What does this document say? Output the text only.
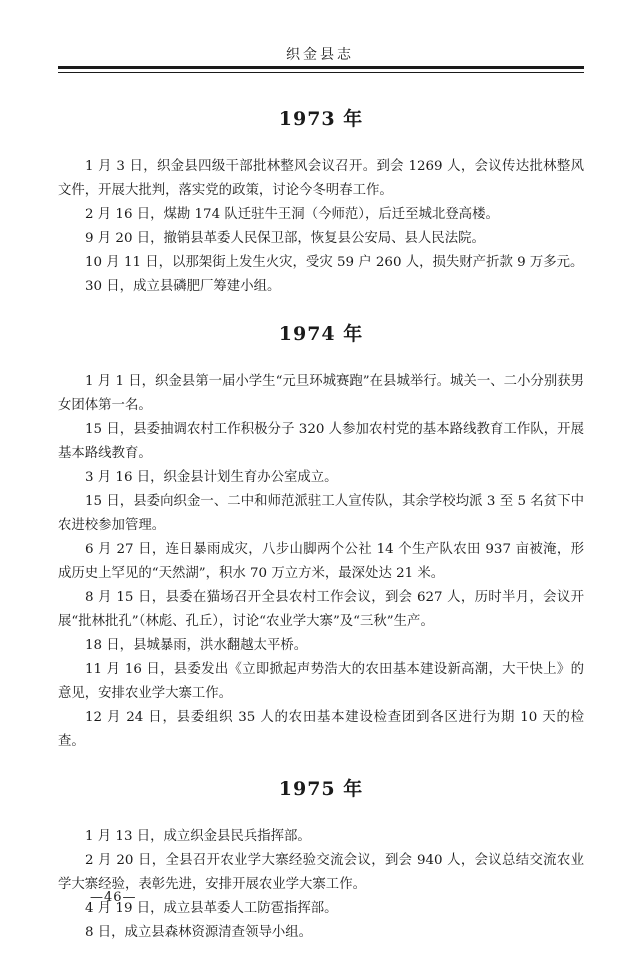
织金县志
1973 年

1 月 3 日，织金县四级干部批林整风会议召开。到会 1269 人，会议传达批林整风文件，开展大批判，落实党的政策，讨论今冬明春工作。

2 月 16 日，煤勘 174 队迁驻牛王洞（今师范），后迁至城北登高楼。

9 月 20 日，撤销县革委人民保卫部，恢复县公安局、县人民法院。

10 月 11 日，以那架街上发生火灾，受灾 59 户 260 人，损失财产折款 9 万多元。

30 日，成立县磷肥厂筹建小组。

1974 年

1 月 1 日，织金县第一届小学生“元旦环城赛跑”在县城举行。城关一、二小分别获男女团体第一名。

15 日，县委抽调农村工作积极分子 320 人参加农村党的基本路线教育工作队，开展基本路线教育。

3 月 16 日，织金县计划生育办公室成立。

15 日，县委向织金一、二中和师范派驻工人宣传队，其余学校均派 3 至 5 名贫下中农进校参加管理。

6 月 27 日，连日暴雨成灾，八步山脚两个公社 14 个生产队农田 937 亩被淹，形成历史上罕见的“天然湖”，积水 70 万立方米，最深处达 21 米。

8 月 15 日，县委在猫场召开全县农村工作会议，到会 627 人，历时半月，会议开展“批林批孔”（林彪、孔丘），讨论“农业学大寨”及“三秋”生产。

18 日，县城暴雨，洪水翻越太平桥。

11 月 16 日，县委发出《立即掀起声势浩大的农田基本建设新高潮，大干快上》的意见，安排农业学大寨工作。

12 月 24 日，县委组织 35 人的农田基本建设检查团到各区进行为期 10 天的检查。

1975 年

1 月 13 日，成立织金县民兵指挥部。

2 月 20 日，全县召开农业学大寨经验交流会议，到会 940 人，会议总结交流农业学大寨经验，表彰先进，安排开展农业学大寨工作。

4 月 19 日，成立县革委人工防雹指挥部。

8 日，成立县森林资源清查领导小组。

—46—
